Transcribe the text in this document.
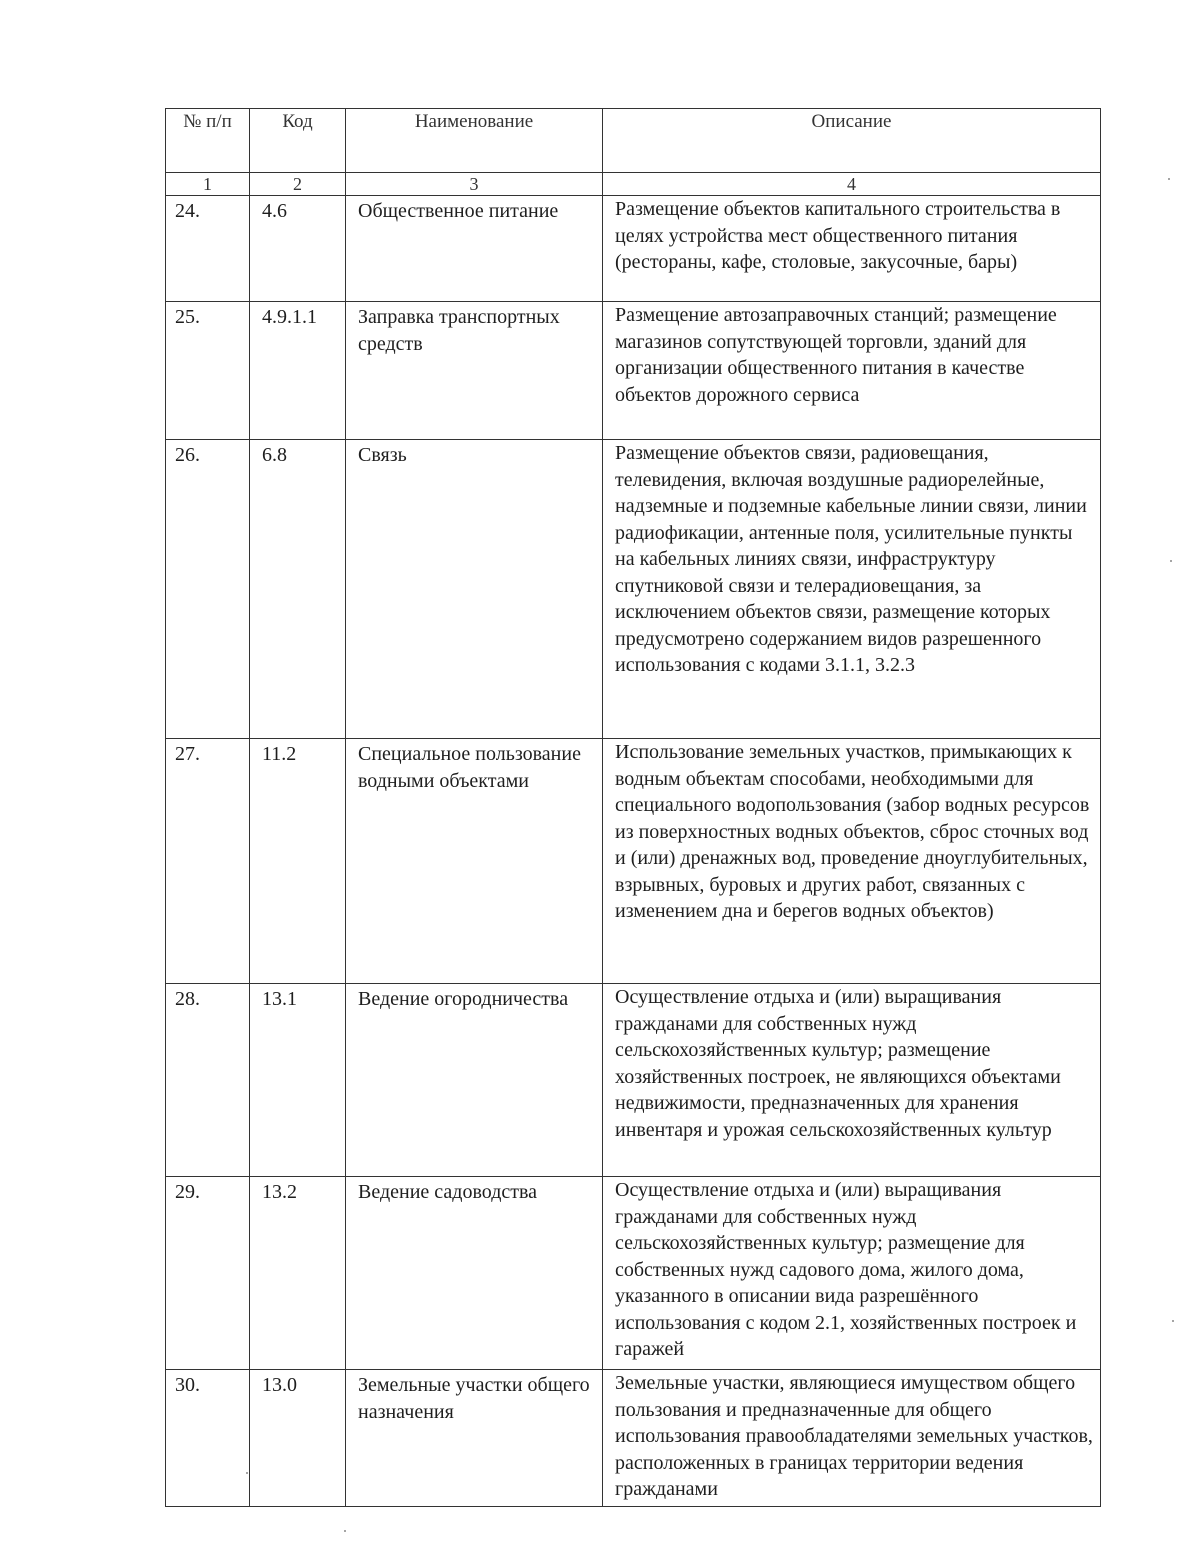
№ п/п	Код	Наименование	Описание
1	2	3	4
24.	4.6	Общественное питание	Размещение объектов капитального строительства в целях устройства мест общественного питания (рестораны, кафе, столовые, закусочные, бары)
25.	4.9.1.1	Заправка транспортных средств	Размещение автозаправочных станций; размещение магазинов сопутствующей торговли, зданий для организации общественного питания в качестве объектов дорожного сервиса
26.	6.8	Связь	Размещение объектов связи, радиовещания, телевидения, включая воздушные радиорелейные, надземные и подземные кабельные линии связи, линии радиофикации, антенные поля, усилительные пункты на кабельных линиях связи, инфраструктуру спутниковой связи и телерадиовещания, за исключением объектов связи, размещение которых предусмотрено содержанием видов разрешенного использования с кодами 3.1.1, 3.2.3
27.	11.2	Специальное пользование водными объектами	Использование земельных участков, примыкающих к водным объектам способами, необходимыми для специального водопользования (забор водных ресурсов из поверхностных водных объектов, сброс сточных вод и (или) дренажных вод, проведение дноуглубительных, взрывных, буровых и других работ, связанных с изменением дна и берегов водных объектов)
28.	13.1	Ведение огородничества	Осуществление отдыха и (или) выращивания гражданами для собственных нужд сельскохозяйственных культур; размещение хозяйственных построек, не являющихся объектами недвижимости, предназначенных для хранения инвентаря и урожая сельскохозяйственных культур
29.	13.2	Ведение садоводства	Осуществление отдыха и (или) выращивания гражданами для собственных нужд сельскохозяйственных культур; размещение для собственных нужд садового дома, жилого дома, указанного в описании вида разрешённого использования с кодом 2.1, хозяйственных построек и гаражей
30.	13.0	Земельные участки общего назначения	Земельные участки, являющиеся имуществом общего пользования и предназначенные для общего использования правообладателями земельных участков, расположенных в границах территории ведения гражданами
